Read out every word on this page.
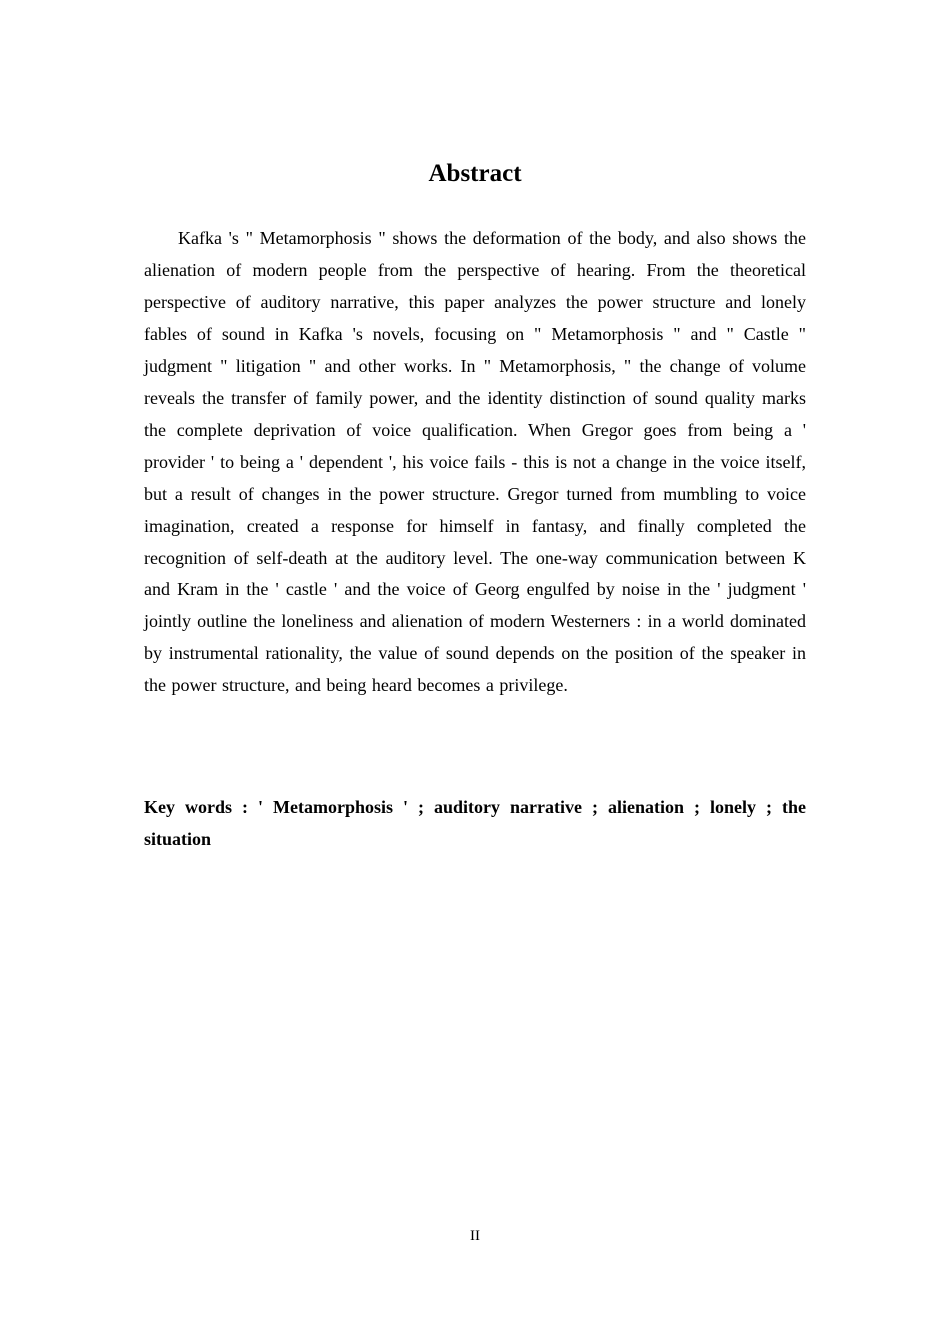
Abstract

Kafka 's " Metamorphosis " shows the deformation of the body, and also shows the alienation of modern people from the perspective of hearing. From the theoretical perspective of auditory narrative, this paper analyzes the power structure and lonely fables of sound in Kafka 's novels, focusing on " Metamorphosis " and " Castle " judgment " litigation " and other works. In " Metamorphosis, " the change of volume reveals the transfer of family power, and the identity distinction of sound quality marks the complete deprivation of voice qualification. When Gregor goes from being a ' provider ' to being a ' dependent ', his voice fails - this is not a change in the voice itself, but a result of changes in the power structure. Gregor turned from mumbling to voice imagination, created a response for himself in fantasy, and finally completed the recognition of self-death at the auditory level. The one-way communication between K and Kram in the ' castle ' and the voice of Georg engulfed by noise in the ' judgment ' jointly outline the loneliness and alienation of modern Westerners : in a world dominated by instrumental rationality, the value of sound depends on the position of the speaker in the power structure, and being heard becomes a privilege.

Key words : ' Metamorphosis ' ; auditory narrative ; alienation ; lonely ; the situation

II
